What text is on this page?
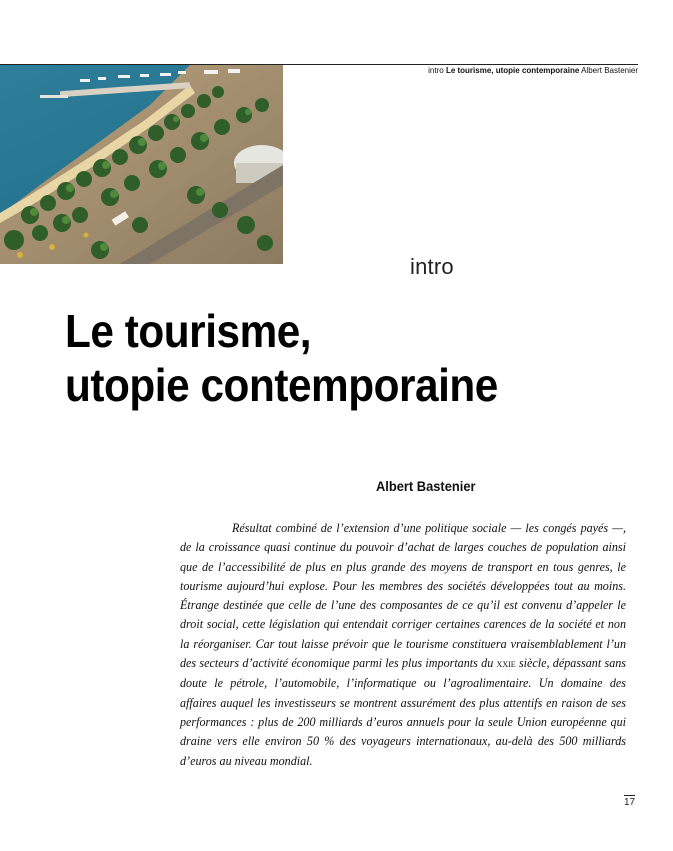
intro Le tourisme, utopie contemporaine Albert Bastenier
intro
Le tourisme,
utopie contemporaine
Albert Bastenier

Résultat combiné de l’extension d’une politique sociale — les congés payés —, de la croissance quasi continue du pouvoir d’achat de larges couches de population ainsi que de l’accessibilité de plus en plus grande des moyens de transport en tous genres, le tourisme aujourd’hui explose. Pour les membres des sociétés développées tout au moins. Étrange destinée que celle de l’une des composantes de ce qu’il est convenu d’appeler le droit social, cette législation qui entendait corriger certaines carences de la société et non la réorganiser. Car tout laisse prévoir que le tourisme constituera vraisemblablement l’un des secteurs d’activité économique parmi les plus importants du xxie siècle, dépassant sans doute le pétrole, l’automobile, l’informatique ou l’agroalimentaire. Un domaine des affaires auquel les investisseurs se montrent assurément des plus attentifs en raison de ses performances : plus de 200 milliards d’euros annuels pour la seule Union européenne qui draine vers elle environ 50 % des voyageurs internationaux, au-delà des 500 milliards d’euros au niveau mondial.

17
